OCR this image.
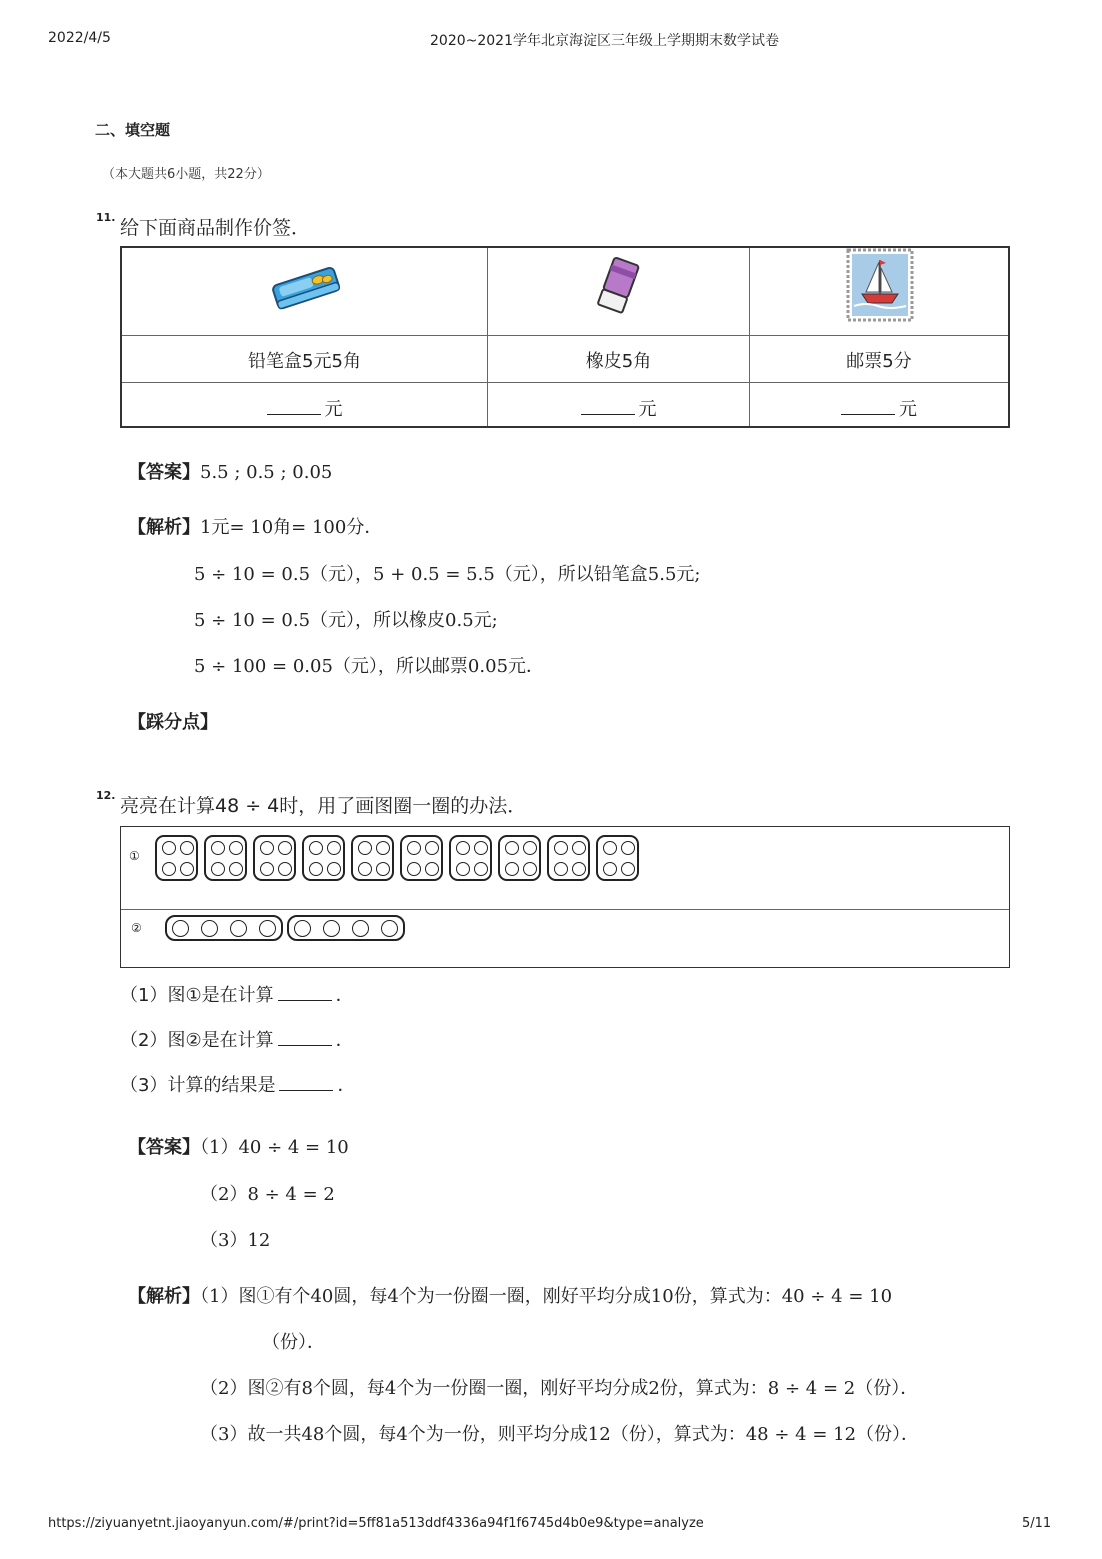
2022/4/5	2020~2021学年北京海淀区三年级上学期期末数学试卷
二、填空题
（本大题共6小题，共22分）
11. 给下面商品制作价签．
铅笔盒5元5角	橡皮5角	邮票5分
元	元	元
【答案】5.5 ; 0.5 ; 0.05
【解析】1元= 10角= 100分．
5 ÷ 10 = 0.5（元），5 + 0.5 = 5.5（元），所以铅笔盒5.5元;
5 ÷ 10 = 0.5（元），所以橡皮0.5元;
5 ÷ 100 = 0.05（元），所以邮票0.05元．
【踩分点】
12. 亮亮在计算48 ÷ 4时，用了画图圈一圈的办法．
①
②
（1）图①是在计算	．
（2）图②是在计算	．
（3）计算的结果是	．
【答案】（1）40 ÷ 4 = 10
（2）8 ÷ 4 = 2
（3）12
【解析】（1）图①有个40圆，每4个为一份圈一圈，刚好平均分成10份，算式为：40 ÷ 4 = 10
（份）．
（2）图②有8个圆，每4个为一份圈一圈，刚好平均分成2份，算式为：8 ÷ 4 = 2（份）．
（3）故一共48个圆，每4个为一份，则平均分成12（份），算式为：48 ÷ 4 = 12（份）．
https://ziyuanyetnt.jiaoyanyun.com/#/print?id=5ff81a513ddf4336a94f1f6745d4b0e9&type=analyze	5/11
